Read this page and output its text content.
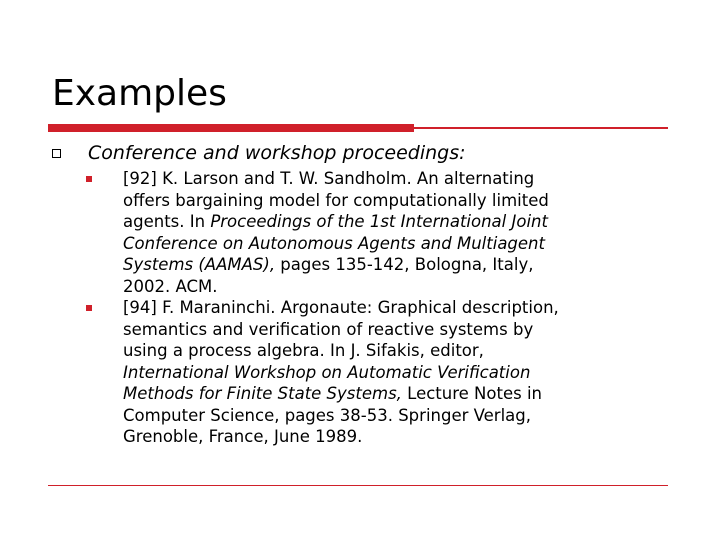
Examples
Conference and workshop proceedings:
[92] K. Larson and T. W. Sandholm. An alternating
offers bargaining model for computationally limited
agents. In Proceedings of the 1st International Joint
Conference on Autonomous Agents and Multiagent
Systems (AAMAS), pages 135-142, Bologna, Italy,
2002. ACM.
[94] F. Maraninchi. Argonaute: Graphical description,
semantics and verification of reactive systems by
using a process algebra. In J. Sifakis, editor,
International Workshop on Automatic Verification
Methods for Finite State Systems, Lecture Notes in
Computer Science, pages 38-53. Springer Verlag,
Grenoble, France, June 1989.
